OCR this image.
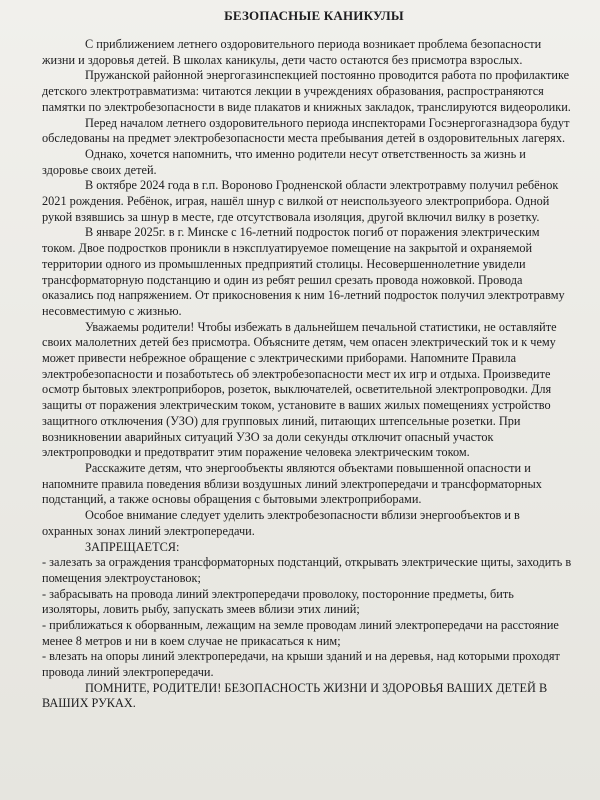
БЕЗОПАСНЫЕ КАНИКУЛЫ

С приближением летнего оздоровительного периода возникает проблема безопасности жизни и здоровья детей. В школах каникулы, дети часто остаются без присмотра взрослых.

Пружанской районной энергогазинспекцией постоянно проводится работа по профилактике детского электротравматизма: читаются лекции в учреждениях образования, распространяются памятки по электробезопасности в виде плакатов и книжных закладок, транслируются видеоролики.

Перед началом летнего оздоровительного периода инспекторами Госэнергогазнадзора будут обследованы на предмет электробезопасности места пребывания детей в оздоровительных лагерях.

Однако, хочется напомнить, что именно родители несут ответственность за жизнь и здоровье своих детей.

В октябре 2024 года в г.п. Вороново Гродненской области электротравму получил ребёнок 2021 рождения. Ребёнок, играя, нашёл шнур с вилкой от неиспользуеого электроприбора. Одной рукой взявшись за шнур в месте, где отсутствовала изоляция, другой включил вилку в розетку.

В январе 2025г. в г. Минске с 16-летний подросток погиб от поражения электрическим током. Двое подростков проникли в нэксплуатируемое помещение на закрытой и охраняемой территории одного из промышленных предприятий столицы. Несовершеннолетние увидели трансформаторную подстанцию и один из ребят решил срезать провода ножовкой. Провода оказались под напряжением. От прикосновения к ним 16-летний подросток получил электротравму несовместимую с жизнью.

Уважаемы родители! Чтобы избежать в дальнейшем печальной статистики, не оставляйте своих малолетних детей без присмотра. Объясните детям, чем опасен электрический ток и к чему может привести небрежное обращение с электрическими приборами. Напомните Правила электробезопасности и позаботьтесь об электробезопасности мест их игр и отдыха. Произведите осмотр бытовых электроприборов, розеток, выключателей, осветительной электропроводки. Для защиты от поражения электрическим током, установите в ваших жилых помещениях устройство защитного отключения (УЗО) для групповых линий, питающих штепсельные розетки. При возникновении аварийных ситуаций УЗО за доли секунды отключит опасный участок электропроводки и предотвратит этим поражение человека электрическим током.

Расскажите детям, что энергообъекты являются объектами повышенной опасности и напомните правила поведения вблизи воздушных линий электропередачи и трансформаторных подстанций, а также основы обращения с бытовыми электроприборами.

Особое внимание следует уделить электробезопасности вблизи энергообъектов и в охранных зонах линий электропередачи.

ЗАПРЕЩАЕТСЯ:

- залезать за ограждения трансформаторных подстанций, открывать электрические щиты, заходить в помещения электроустановок;
- забрасывать на провода линий электропередачи проволоку, посторонние предметы, бить изоляторы, ловить рыбу, запускать змеев вблизи этих линий;
- приближаться к оборванным, лежащим на земле проводам линий электропередачи на расстояние менее 8 метров и ни в коем случае не прикасаться к ним;
- влезать на опоры линий электропередачи, на крыши зданий и на деревья, над которыми проходят провода линий электропередачи.

ПОМНИТЕ, РОДИТЕЛИ! БЕЗОПАСНОСТЬ ЖИЗНИ И ЗДОРОВЬЯ ВАШИХ ДЕТЕЙ В ВАШИХ РУКАХ.
